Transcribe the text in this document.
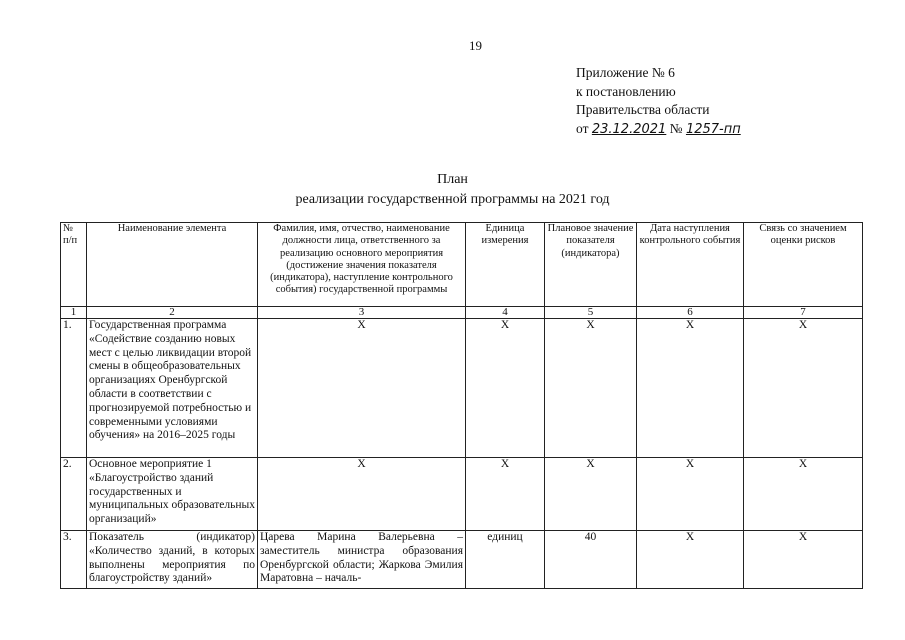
19
Приложение № 6
к постановлению
Правительства области
от 23.12.2021 № 1257-пп
План
реализации государственной программы на 2021 год
№ п/п	Наименование элемента	Фамилия, имя, отчество, наименование должности лица, ответственного за реализацию основного мероприятия (достижение значения показателя (индикатора), наступление контрольного события) государственной программы	Единица измерения	Плановое значение показателя (индикатора)	Дата наступления контрольного события	Связь со значением оценки рисков
1	2	3	4	5	6	7
1.	Государственная программа «Содействие созданию новых мест с целью ликвидации второй смены в общеобразовательных организациях Оренбургской области в соответствии с прогнозируемой потребностью и современными условиями обучения» на 2016–2025 годы	X	X	X	X	X
2.	Основное мероприятие 1 «Благоустройство зданий государственных и муниципальных образовательных организаций»	X	X	X	X	X
3.	Показатель (индикатор) «Количество зданий, в которых выполнены мероприятия по благоустройству зданий»	Царева Марина Валерьевна – заместитель министра образования Оренбургской области; Жаркова Эмилия Маратовна – началь-	единиц	40	X	X
